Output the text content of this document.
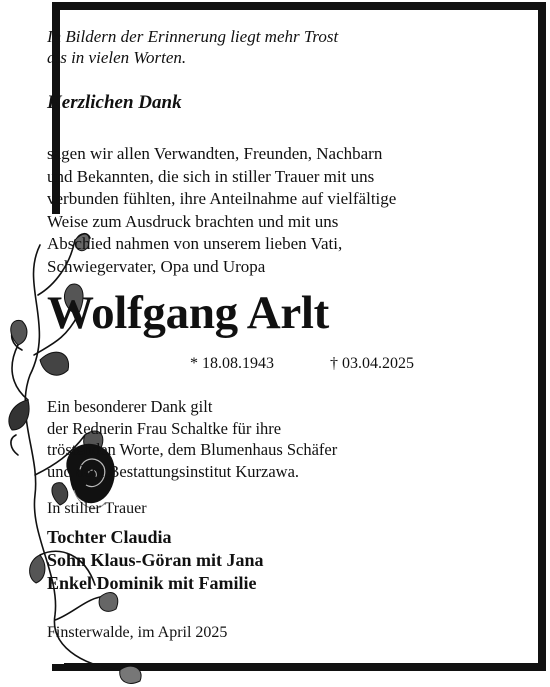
In Bildern der Erinnerung liegt mehr Trost
als in vielen Worten.
Herzlichen Dank
sagen wir allen Verwandten, Freunden, Nachbarn
und Bekannten, die sich in stiller Trauer mit uns
verbunden fühlten, ihre Anteilnahme auf vielfältige
Weise zum Ausdruck brachten und mit uns
Abschied nahmen von unserem lieben Vati,
Schwiegervater, Opa und Uropa
Wolfgang Arlt
* 18.08.1943	† 03.04.2025
Ein besonderer Dank gilt
der Rednerin Frau Schaltke für ihre
tröstenden Worte, dem Blumenhaus Schäfer
und dem Bestattungsinstitut Kurzawa.
In stiller Trauer
Tochter Claudia
Sohn Klaus-Göran mit Jana
Enkel Dominik mit Familie
Finsterwalde, im April 2025
